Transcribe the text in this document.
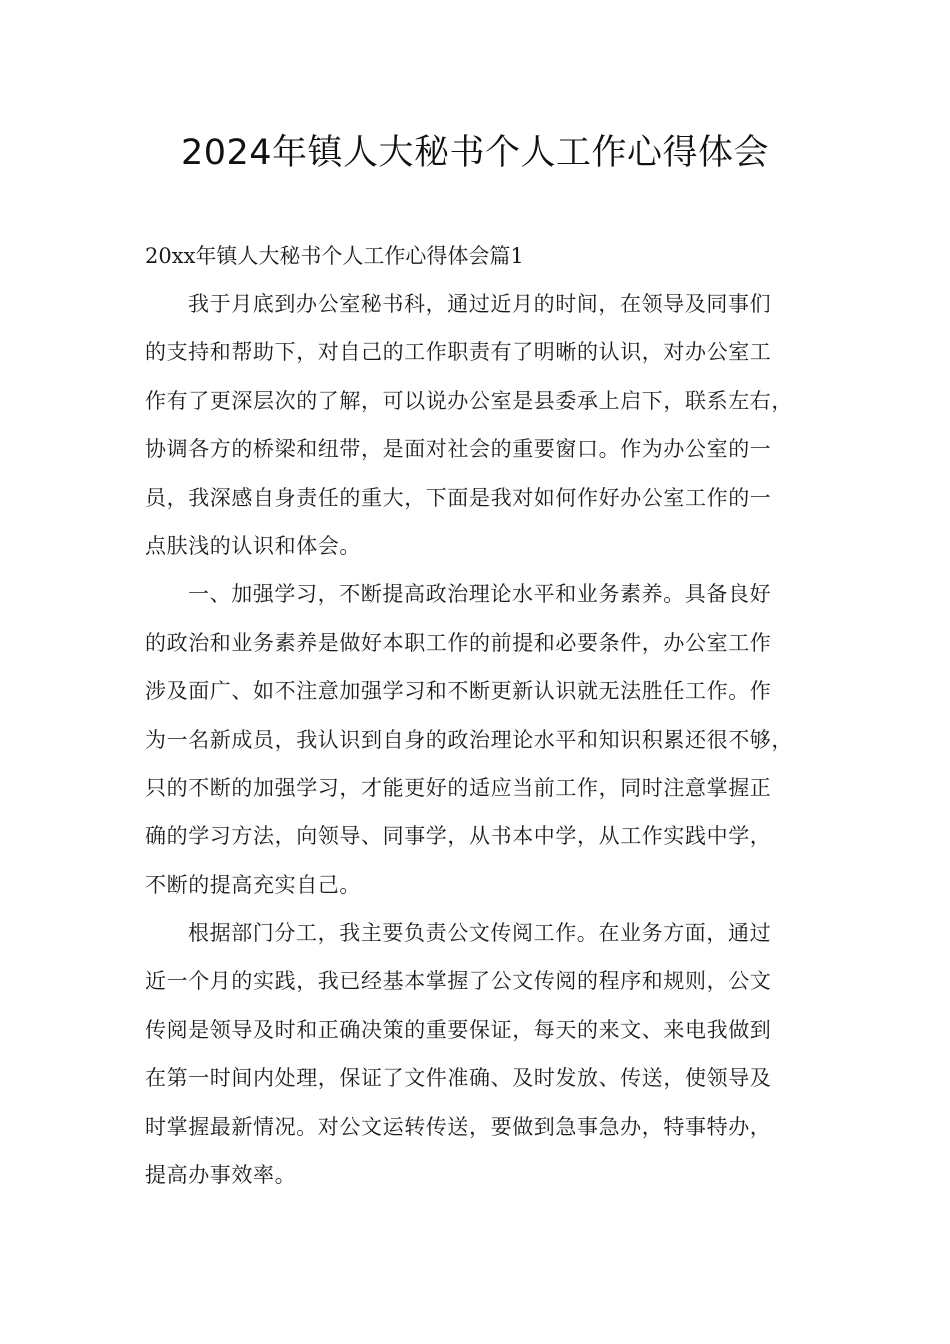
2024年镇人大秘书个人工作心得体会

20xx年镇人大秘书个人工作心得体会篇1

我于月底到办公室秘书科，通过近月的时间，在领导及同事们
的支持和帮助下，对自己的工作职责有了明晰的认识，对办公室工
作有了更深层次的了解，可以说办公室是县委承上启下，联系左右，
协调各方的桥梁和纽带，是面对社会的重要窗口。作为办公室的一
员，我深感自身责任的重大，下面是我对如何作好办公室工作的一
点肤浅的认识和体会。
一、加强学习，不断提高政治理论水平和业务素养。具备良好
的政治和业务素养是做好本职工作的前提和必要条件，办公室工作
涉及面广、如不注意加强学习和不断更新认识就无法胜任工作。作
为一名新成员，我认识到自身的政治理论水平和知识积累还很不够，
只的不断的加强学习，才能更好的适应当前工作，同时注意掌握正
确的学习方法，向领导、同事学，从书本中学，从工作实践中学，
不断的提高充实自己。
根据部门分工，我主要负责公文传阅工作。在业务方面，通过
近一个月的实践，我已经基本掌握了公文传阅的程序和规则，公文
传阅是领导及时和正确决策的重要保证，每天的来文、来电我做到
在第一时间内处理，保证了文件准确、及时发放、传送，使领导及
时掌握最新情况。对公文运转传送，要做到急事急办，特事特办，
提高办事效率。
